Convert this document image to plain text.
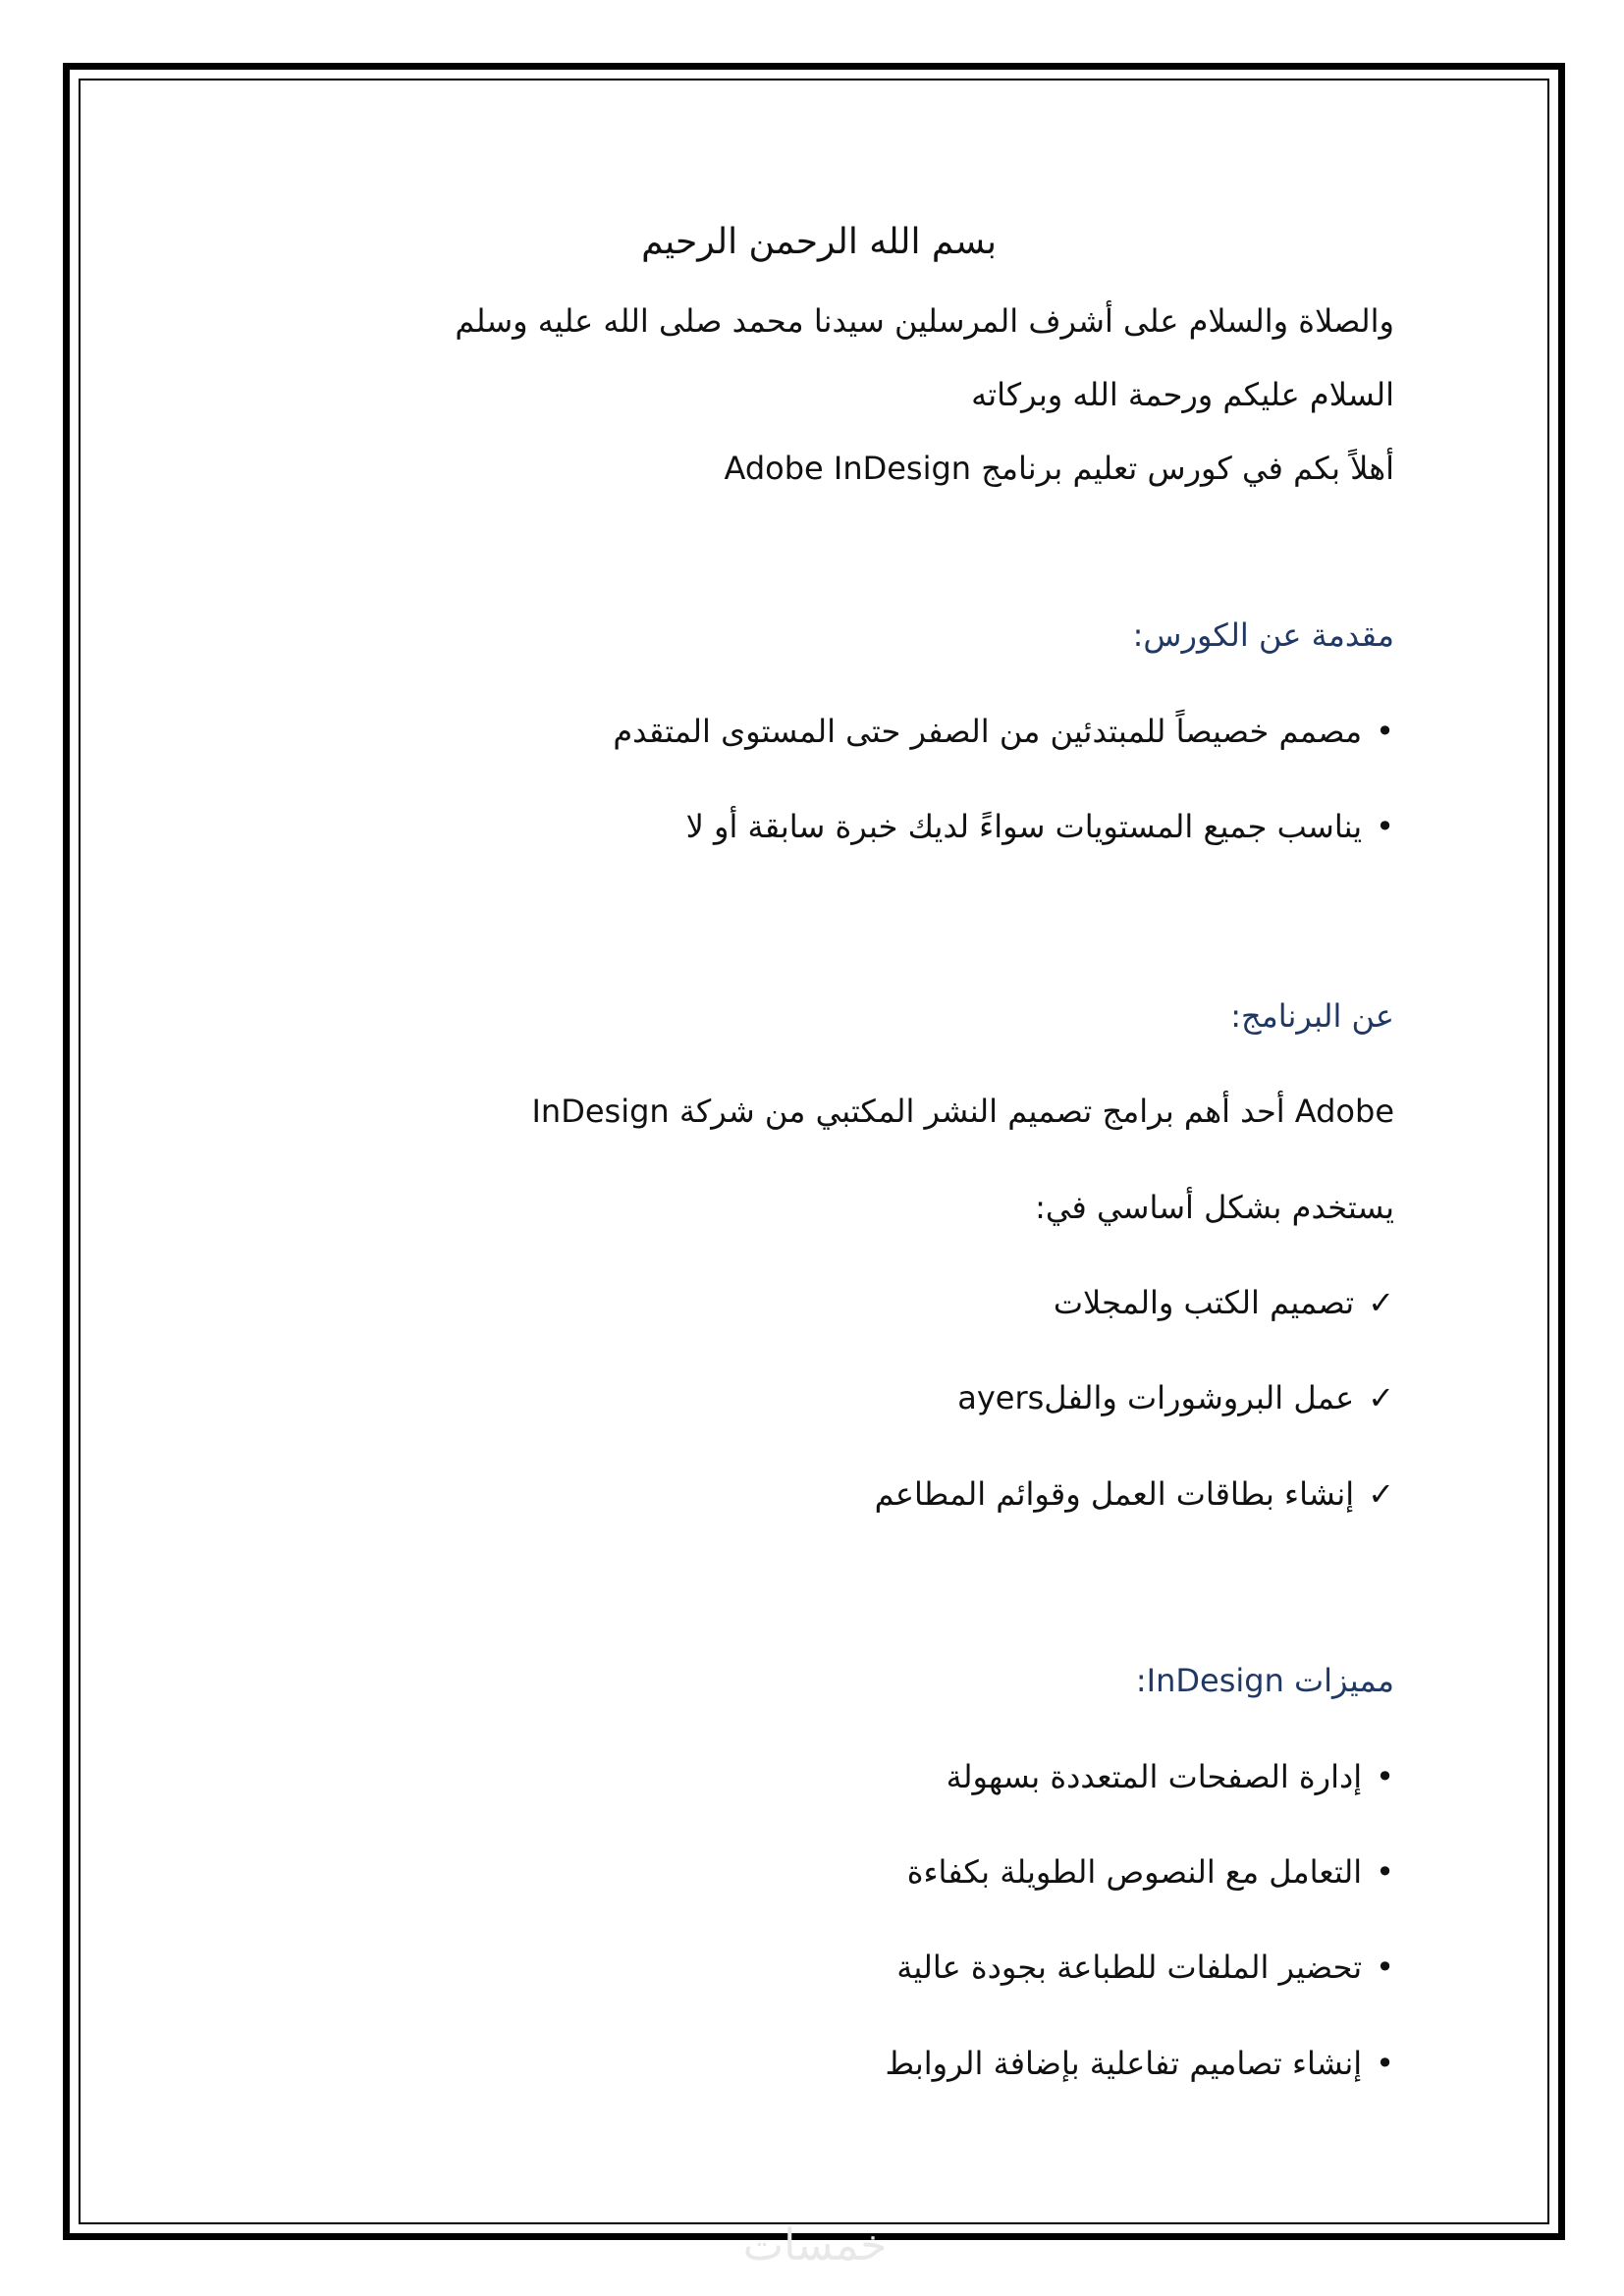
بسم الله الرحمن الرحيم
والصلاة والسلام على أشرف المرسلين سيدنا محمد صلى الله عليه وسلم
السلام عليكم ورحمة الله وبركاته
أهلاً بكم في كورس تعليم برنامج Adobe InDesign
مقدمة عن الكورس:
•مصمم خصيصاً للمبتدئين من الصفر حتى المستوى المتقدم
•يناسب جميع المستويات سواءً لديك خبرة سابقة أو لا
عن البرنامج:
InDesign أحد أهم برامج تصميم النشر المكتبي من شركة Adobe
يستخدم بشكل أساسي في:
✓تصميم الكتب والمجلات
✓عمل البروشورات والفلayers
✓إنشاء بطاقات العمل وقوائم المطاعم
مميزات InDesign:
•إدارة الصفحات المتعددة بسهولة
•التعامل مع النصوص الطويلة بكفاءة
•تحضير الملفات للطباعة بجودة عالية
•إنشاء تصاميم تفاعلية بإضافة الروابط
خمسات
